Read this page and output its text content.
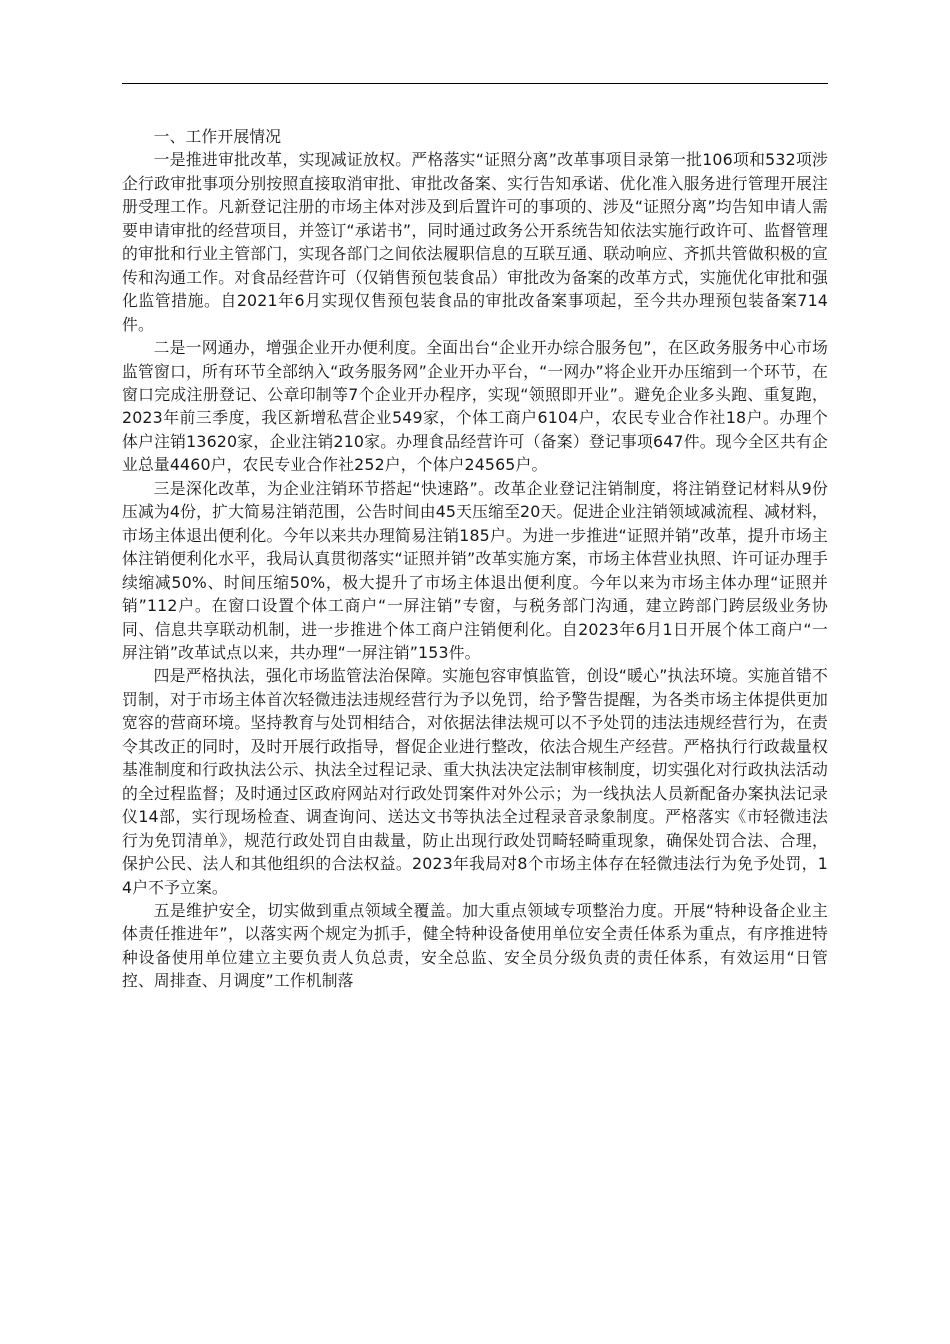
一、工作开展情况

一是推进审批改革，实现减证放权。严格落实“证照分离”改革事项目录第一批106项和532项涉企行政审批事项分别按照直接取消审批、审批改备案、实行告知承诺、优化准入服务进行管理开展注册受理工作。凡新登记注册的市场主体对涉及到后置许可的事项的、涉及“证照分离”均告知申请人需要申请审批的经营项目，并签订“承诺书”，同时通过政务公开系统告知依法实施行政许可、监督管理的审批和行业主管部门，实现各部门之间依法履职信息的互联互通、联动响应、齐抓共管做积极的宣传和沟通工作。对食品经营许可（仅销售预包装食品）审批改为备案的改革方式，实施优化审批和强化监管措施。自2021年6月实现仅售预包装食品的审批改备案事项起，至今共办理预包装备案714件。

二是一网通办，增强企业开办便利度。全面出台“企业开办综合服务包”，在区政务服务中心市场监管窗口，所有环节全部纳入“政务服务网”企业开办平台，“一网办”将企业开办压缩到一个环节，在窗口完成注册登记、公章印制等7个企业开办程序，实现“领照即开业”。避免企业多头跑、重复跑，2023年前三季度，我区新增私营企业549家，个体工商户6104户，农民专业合作社18户。办理个体户注销13620家，企业注销210家。办理食品经营许可（备案）登记事项647件。现今全区共有企业总量4460户，农民专业合作社252户，个体户24565户。

三是深化改革，为企业注销环节搭起“快速路”。改革企业登记注销制度，将注销登记材料从9份压减为4份，扩大简易注销范围，公告时间由45天压缩至20天。促进企业注销领域减流程、减材料，市场主体退出便利化。今年以来共办理简易注销185户。为进一步推进“证照并销”改革，提升市场主体注销便利化水平，我局认真贯彻落实“证照并销”改革实施方案，市场主体营业执照、许可证办理手续缩减50%、时间压缩50%，极大提升了市场主体退出便利度。今年以来为市场主体办理“证照并销”112户。在窗口设置个体工商户“一屏注销”专窗，与税务部门沟通，建立跨部门跨层级业务协同、信息共享联动机制，进一步推进个体工商户注销便利化。自2023年6月1日开展个体工商户“一屏注销”改革试点以来，共办理“一屏注销”153件。

四是严格执法，强化市场监管法治保障。实施包容审慎监管，创设“暖心”执法环境。实施首错不罚制，对于市场主体首次轻微违法违规经营行为予以免罚，给予警告提醒，为各类市场主体提供更加宽容的营商环境。坚持教育与处罚相结合，对依据法律法规可以不予处罚的违法违规经营行为，在责令其改正的同时，及时开展行政指导，督促企业进行整改，依法合规生产经营。严格执行行政裁量权基准制度和行政执法公示、执法全过程记录、重大执法决定法制审核制度，切实强化对行政执法活动的全过程监督；及时通过区政府网站对行政处罚案件对外公示；为一线执法人员新配备办案执法记录仪14部，实行现场检查、调查询问、送达文书等执法全过程录音录象制度。严格落实《市轻微违法行为免罚清单》，规范行政处罚自由裁量，防止出现行政处罚畸轻畸重现象，确保处罚合法、合理，保护公民、法人和其他组织的合法权益。2023年我局对8个市场主体存在轻微违法行为免予处罚，14户不予立案。

五是维护安全，切实做到重点领域全覆盖。加大重点领域专项整治力度。开展“特种设备企业主体责任推进年”，以落实两个规定为抓手，健全特种设备使用单位安全责任体系为重点，有序推进特种设备使用单位建立主要负责人负总责，安全总监、安全员分级负责的责任体系，有效运用“日管控、周排查、月调度”工作机制落
